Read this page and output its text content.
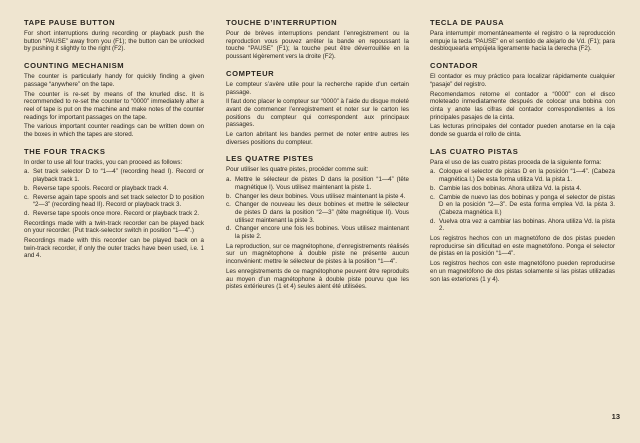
TAPE PAUSE BUTTON

For short interruptions during recording or playback push the button “PAUSE” away from you (F1); the button can be unlocked by pushing it slightly to the right (F2).

COUNTING MECHANISM

The counter is particularly handy for quickly finding a given passage “anywhere” on the tape.

The counter is re-set by means of the knurled disc. It is recommended to re-set the counter to “0000” immediately after a reel of tape is put on the machine and make notes of the counter readings for important passages on the tape.

The various important counter readings can be written down on the boxes in which the tapes are stored.

THE FOUR TRACKS

In order to use all four tracks, you can proceed as follows:

a. Set track selector D to “1—4” (recording head I). Record or playback track 1.
b. Reverse tape spools. Record or playback track 4.
c. Reverse again tape spools and set track selector D to position “2—3” (recording head II). Record or playback track 3.
d. Reverse tape spools once more. Record or playback track 2.

Recordings made with a twin-track recorder can be played back on your recorder. (Put track-selector switch in position “1—4”.)

Recordings made with this recorder can be played back on a twin-track recorder, if only the outer tracks have been used, i.e. 1 and 4.

TOUCHE D’INTERRUPTION

Pour de brèves interruptions pendant l’enregistrement ou la reproduction vous pouvez arrêter la bande en repoussant la touche “PAUSE” (F1); la touche peut être déverrouillée en la poussant légèrement vers la droite (F2).

COMPTEUR

Le compteur s’avère utile pour la recherche rapide d’un certain passage.

Il faut donc placer le compteur sur “0000” à l’aide du disque moleté avant de commencer l’enregistrement et noter sur le carton les positions du compteur qui correspondent aux principaux passages.

Le carton abritant les bandes permet de noter entre autres les diverses positions du compteur.

LES QUATRE PISTES

Pour utiliser les quatre pistes, procéder comme suit:

a. Mettre le sélecteur de pistes D dans la position “1—4” (tête magnétique I). Vous utilisez maintenant la piste 1.
b. Changer les deux bobines. Vous utilisez maintenant la piste 4.
c. Changer de nouveau les deux bobines et mettre le sélecteur de pistes D dans la position “2—3” (tête magnétique II). Vous utilisez maintenant la piste 3.
d. Changer encore une fois les bobines. Vous utilisez maintenant la piste 2.

La reproduction, sur ce magnétophone, d’enregistrements réalisés sur un magnétophone à double piste ne présente aucun inconvénient: mettre le sélecteur de pistes à la position “1—4”.

Les enregistrements de ce magnétophone peuvent être reproduits au moyen d’un magnétophone à double piste pourvu que les pistes extérieures (1 et 4) seules aient été utilisées.

TECLA DE PAUSA

Para interrumpir momentáneamente el registro o la reproducción empuje la tecla “PAUSE” en el sentido de alejarlo de Vd. (F1); para desbloquearla empújela ligeramente hacia la derecha (F2).

CONTADOR

El contador es muy práctico para localizar rápidamente cualquier “pasaje” del registro.

Recomendamos retorne el contador a “0000” con el disco moleteado inmediatamente después de colocar una bobina con cinta y anote las cifras del contador correspondientes a los principales pasajes de la cinta.

Las lecturas principales del contador pueden anotarse en la caja donde se guarda el rollo de cinta.

LAS CUATRO PISTAS

Para el uso de las cuatro pistas proceda de la siguiente forma:

a. Coloque el selector de pistas D en la posición “1—4”. (Cabeza magnética I.) De esta forma utiliza Vd. la pista 1.
b. Cambie las dos bobinas. Ahora utiliza Vd. la pista 4.
c. Cambie de nuevo las dos bobinas y ponga el selector de pistas D en la posición “2—3”. De esta forma emplea Vd. la pista 3. (Cabeza magnética II.)
d. Vuelva otra vez a cambiar las bobinas. Ahora utiliza Vd. la pista 2.

Los registros hechos con un magnetófono de dos pistas pueden reproducirse sin dificultad en este magnetófono. Ponga el selector de pistas en la posición “1—4”.

Los registros hechos con este magnetófono pueden reproducirse en un magnetófono de dos pistas solamente si las pistas utilizadas son las exteriores (1 y 4).

13
